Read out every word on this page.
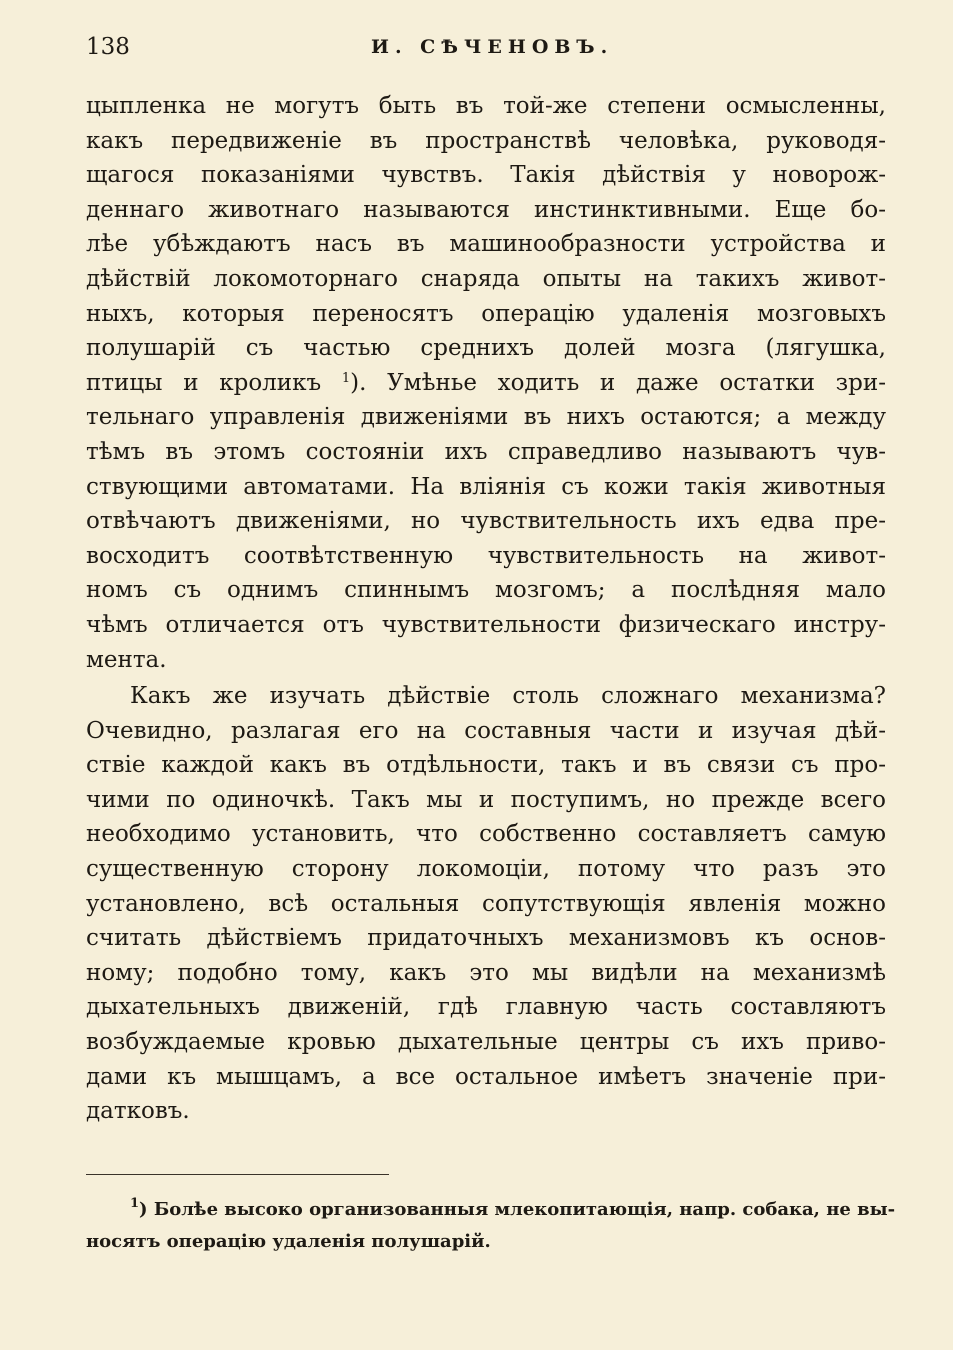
138	И. СѢЧЕНОВЪ.
цыпленка не могутъ быть въ той-же степени осмысленны,
какъ передвиженіе въ пространствѣ человѣка, руководя-
щагося показаніями чувствъ. Такія дѣйствія у новорож-
деннаго животнаго называются инстинктивными. Еще бо-
лѣе убѣждаютъ насъ въ машинообразности устройства и
дѣйствій локомоторнаго снаряда опыты на такихъ живот-
ныхъ, которыя переносятъ операцію удаленія мозговыхъ
полушарій съ частью среднихъ долей мозга (лягушка,
птицы и кроликъ $^1$). Умѣнье ходить и даже остатки зри-
тельнаго управленія движеніями въ нихъ остаются; а между
тѣмъ въ этомъ состояніи ихъ справедливо называютъ чув-
ствующими автоматами. На вліянія съ кожи такія животныя
отвѣчаютъ движеніями, но чувствительность ихъ едва пре-
восходитъ соотвѣтственную чувствительность на живот-
номъ съ однимъ спиннымъ мозгомъ; а послѣдняя мало
чѣмъ отличается отъ чувствительности физическаго инстру-
мента.
Какъ же изучать дѣйствіе столь сложнаго механизма?
Очевидно, разлагая его на составныя части и изучая дѣй-
ствіе каждой какъ въ отдѣльности, такъ и въ связи съ про-
чими по одиночкѣ. Такъ мы и поступимъ, но прежде всего
необходимо установить, что собственно составляетъ самую
существенную сторону локомоціи, потому что разъ это
установлено, всѣ остальныя сопутствующія явленія можно
считать дѣйствіемъ придаточныхъ механизмовъ къ основ-
ному; подобно тому, какъ это мы видѣли на механизмѣ
дыхательныхъ движеній, гдѣ главную часть составляютъ
возбуждаемые кровью дыхательные центры съ ихъ приво-
дами къ мышцамъ, а все остальное имѣетъ значеніе при-
датковъ.
$^1$) Болѣе высоко организованныя млекопитающія, напр. собака, не вы-
носятъ операцію удаленія полушарій.
